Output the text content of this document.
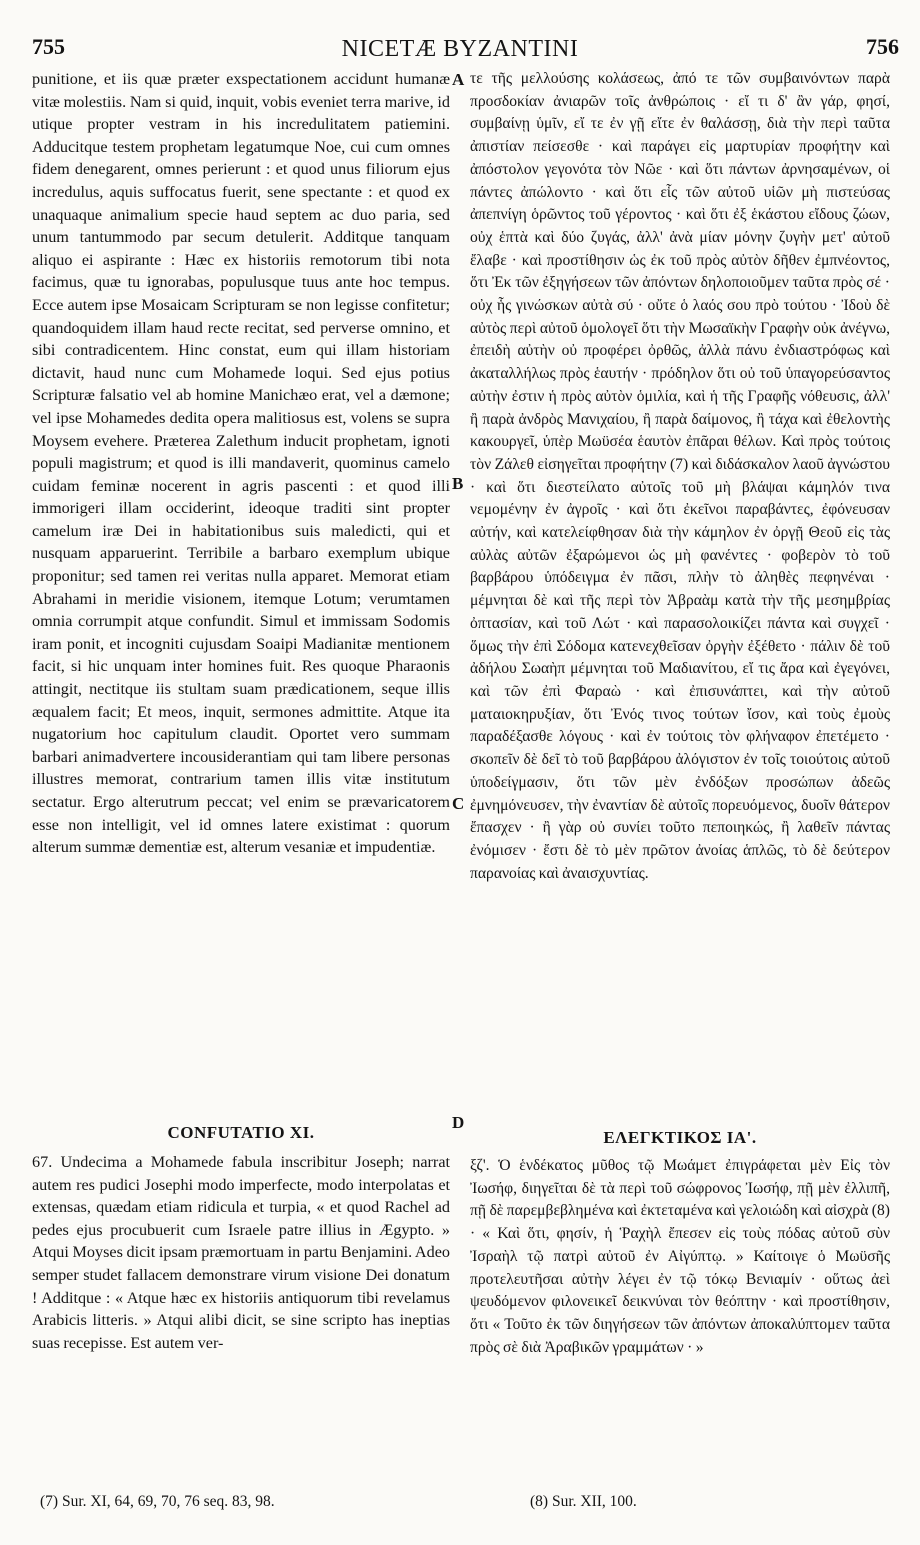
755	NICETÆ BYZANTINI	756

punitione, et iis quæ præter exspectationem accidunt humanæ vitæ molestiis. Nam si quid, inquit, vobis eveniet terra marive, id utique propter vestram in his incredulitatem patiemini. Adducitque testem prophetam legatumque Noe, cui cum omnes fidem denegarent, omnes perierunt : et quod unus filiorum ejus incredulus, aquis suffocatus fuerit, sene spectante : et quod ex unaquaque animalium specie haud septem ac duo paria, sed unum tantummodo par secum detulerit. Additque tanquam aliquo ei aspirante : Hæc ex historiis remotorum tibi nota facimus, quæ tu ignorabas, populusque tuus ante hoc tempus. Ecce autem ipse Mosaicam Scripturam se non legisse confitetur; quandoquidem illam haud recte recitat, sed perverse omnino, et sibi contradicentem. Hinc constat, eum qui illam historiam dictavit, haud nunc cum Mohamede loqui. Sed ejus potius Scripturæ falsatio vel ab homine Manichæo erat, vel a dæmone; vel ipse Mohamedes dedita opera malitiosus est, volens se supra Moysem evehere. Præterea Zalethum inducit prophetam, ignoti populi magistrum; et quod is illi mandaverit, quominus camelo cuidam feminæ nocerent in agris pascenti : et quod illi immorigeri illam occiderint, ideoque traditi sint propter camelum iræ Dei in habitationibus suis maledicti, qui et nusquam apparuerint. Terribile a barbaro exemplum ubique proponitur; sed tamen rei veritas nulla apparet. Memorat etiam Abrahami in meridie visionem, itemque Lotum; verumtamen omnia corrumpit atque confundit. Simul et immissam Sodomis iram ponit, et incogniti cujusdam Soaipi Madianitæ mentionem facit, si hic unquam inter homines fuit. Res quoque Pharaonis attingit, nectitque iis stultam suam prædicationem, seque illis æqualem facit; Et meos, inquit, sermones admittite. Atque ita nugatorium hoc capitulum claudit. Oportet vero summam barbari animadvertere incousiderantiam qui tam libere personas illustres memorat, contrarium tamen illis vitæ institutum sectatur. Ergo alterutrum peccat; vel enim se prævaricatorem esse non intelligit, vel id omnes latere existimat : quorum alterum summæ dementiæ est, alterum vesaniæ et impudentiæ.

τε τῆς μελλούσης κολάσεως, ἀπό τε τῶν συμβαινόντων παρὰ προσδοκίαν ἀνιαρῶν τοῖς ἀνθρώποις · εἴ τι δ' ἂν γάρ, φησί, συμβαίνῃ ὑμῖν, εἴ τε ἐν γῇ εἴτε ἐν θαλάσσῃ, διὰ τὴν περὶ ταῦτα ἀπιστίαν πείσεσθε · καὶ παράγει εἰς μαρτυρίαν προφήτην καὶ ἀπόστολον γεγονότα τὸν Νῶε · καὶ ὅτι πάντων ἀρνησαμένων, οἱ πάντες ἀπώλοντο · καὶ ὅτι εἷς τῶν αὐτοῦ υἱῶν μὴ πιστεύσας ἀπεπνίγη ὁρῶντος τοῦ γέροντος · καὶ ὅτι ἐξ ἑκάστου εἴδους ζώων, οὐχ ἑπτὰ καὶ δύο ζυγάς, ἀλλ' ἀνὰ μίαν μόνην ζυγὴν μετ' αὐτοῦ ἔλαβε · καὶ προστίθησιν ὡς ἐκ τοῦ πρὸς αὐτὸν δῆθεν ἐμπνέοντος, ὅτι Ἐκ τῶν ἐξηγήσεων τῶν ἀπόντων δηλοποιοῦμεν ταῦτα πρὸς σέ · οὐχ ἧς γινώσκων αὐτὰ σύ · οὔτε ὁ λαός σου πρὸ τούτου · Ἰδοὺ δὲ αὐτὸς περὶ αὐτοῦ ὁμολογεῖ ὅτι τὴν Μωσαϊκὴν Γραφὴν οὐκ ἀνέγνω, ἐπειδὴ αὐτὴν οὐ προφέρει ὀρθῶς, ἀλλὰ πάνυ ἐνδιαστρόφως καὶ ἀκαταλλήλως πρὸς ἑαυτήν · πρόδηλον ὅτι οὐ τοῦ ὑπαγορεύσαντος αὐτὴν ἐστιν ἡ πρὸς αὐτὸν ὁμιλία, καὶ ἡ τῆς Γραφῆς νόθευσις, ἀλλ' ἢ παρὰ ἀνδρὸς Μανιχαίου, ἢ παρὰ δαίμονος, ἢ τάχα καὶ ἐθελοντὴς κακουργεῖ, ὑπὲρ Μωϋσέα ἑαυτὸν ἐπᾶραι θέλων. Καὶ πρὸς τούτοις τὸν Ζάλεθ εἰσηγεῖται προφήτην (7) καὶ διδάσκαλον λαοῦ ἀγνώστου · καὶ ὅτι διεστείλατο αὐτοῖς τοῦ μὴ βλάψαι κάμηλόν τινα νεμομένην ἐν ἀγροῖς · καὶ ὅτι ἐκεῖνοι παραβάντες, ἐφόνευσαν αὐτήν, καὶ κατελείφθησαν διὰ τὴν κάμηλον ἐν ὀργῇ Θεοῦ εἰς τὰς αὐλὰς αὐτῶν ἐξαρώμενοι ὡς μὴ φανέντες · φοβερὸν τὸ τοῦ βαρβάρου ὑπόδειγμα ἐν πᾶσι, πλὴν τὸ ἀληθὲς πεφηνέναι · μέμνηται δὲ καὶ τῆς περὶ τὸν Ἀβραὰμ κατὰ τὴν τῆς μεσημβρίας ὀπτασίαν, καὶ τοῦ Λώτ · καὶ παρασολοικίζει πάντα καὶ συγχεῖ · ὅμως τὴν ἐπὶ Σόδομα κατενεχθεῖσαν ὀργὴν ἐξέθετο · πάλιν δὲ τοῦ ἀδήλου Σωαὴπ μέμνηται τοῦ Μαδιανίτου, εἴ τις ἄρα καὶ ἐγεγόνει, καὶ τῶν ἐπὶ Φαραὼ · καὶ ἐπισυνάπτει, καὶ τὴν αὐτοῦ ματαιοκηρυξίαν, ὅτι Ἐνός τινος τούτων ἴσον, καὶ τοὺς ἐμοὺς παραδέξασθε λόγους · καὶ ἐν τούτοις τὸν φλήναφον ἐπετέμετο · σκοπεῖν δὲ δεῖ τὸ τοῦ βαρβάρου ἀλόγιστον ἐν τοῖς τοιούτοις αὐτοῦ ὑποδείγμασιν, ὅτι τῶν μὲν ἐνδόξων προσώπων ἀδεῶς ἐμνημόνευσεν, τὴν ἐναντίαν δὲ αὐτοῖς πορευόμενος, δυοῖν θάτερον ἔπασχεν · ἢ γὰρ οὐ συνίει τοῦτο πεποιηκώς, ἢ λαθεῖν πάντας ἐνόμισεν · ἔστι δὲ τὸ μὲν πρῶτον ἀνοίας ἁπλῶς, τὸ δὲ δεύτερον παρανοίας καὶ ἀναισχυντίας.

A
B
C
D
CONFUTATIO XI.	ΕΛΕΓΚΤΙΚΟΣ ΙΑ'.

67. Undecima a Mohamede fabula inscribitur Joseph; narrat autem res pudici Josephi modo imperfecte, modo interpolatas et extensas, quædam etiam ridicula et turpia, « et quod Rachel ad pedes ejus procubuerit cum Israele patre illius in Ægypto. » Atqui Moyses dicit ipsam præmortuam in partu Benjamini. Adeo semper studet fallacem demonstrare virum visione Dei donatum ! Additque : « Atque hæc ex historiis antiquorum tibi revelamus Arabicis litteris. » Atqui alibi dicit, se sine scripto has ineptias suas recepisse. Est autem ver-

ξζ'. Ὁ ἑνδέκατος μῦθος τῷ Μωάμετ ἐπιγράφεται μὲν Εἰς τὸν Ἰωσήφ, διηγεῖται δὲ τὰ περὶ τοῦ σώφρονος Ἰωσήφ, πῇ μὲν ἐλλιπῆ, πῇ δὲ παρεμβεβλημένα καὶ ἐκτεταμένα καὶ γελοιώδη καὶ αἰσχρὰ (8) · « Καὶ ὅτι, φησίν, ἡ Ῥαχὴλ ἔπεσεν εἰς τοὺς πόδας αὐτοῦ σὺν Ἰσραὴλ τῷ πατρὶ αὐτοῦ ἐν Αἰγύπτῳ. » Καίτοιγε ὁ Μωϋσῆς προτελευτῆσαι αὐτὴν λέγει ἐν τῷ τόκῳ Βενιαμίν · οὕτως ἀεὶ ψευδόμενον φιλονεικεῖ δεικνύναι τὸν θεόπτην · καὶ προστίθησιν, ὅτι « Τοῦτο ἐκ τῶν διηγήσεων τῶν ἀπόντων ἀποκαλύπτομεν ταῦτα πρὸς σὲ διὰ Ἀραβικῶν γραμμάτων · »

(7) Sur. XI, 64, 69, 70, 76 seq. 83, 98.	(8) Sur. XII, 100.
